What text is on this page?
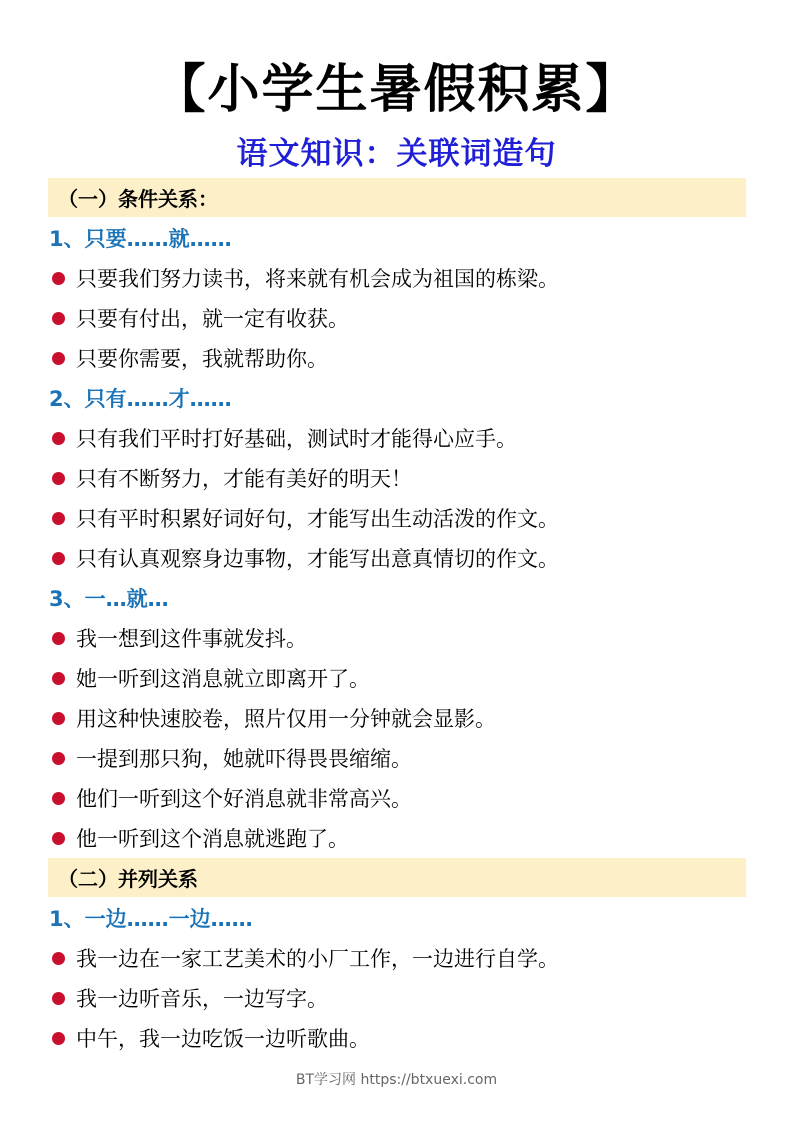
【小学生暑假积累】
语文知识：关联词造句
（一）条件关系：
1、只要……就……
只要我们努力读书，将来就有机会成为祖国的栋梁。
只要有付出，就一定有收获。
只要你需要，我就帮助你。
2、只有……才……
只有我们平时打好基础，测试时才能得心应手。
只有不断努力，才能有美好的明天！
只有平时积累好词好句，才能写出生动活泼的作文。
只有认真观察身边事物，才能写出意真情切的作文。
3、一…就…
我一想到这件事就发抖。
她一听到这消息就立即离开了。
用这种快速胶卷，照片仅用一分钟就会显影。
一提到那只狗，她就吓得畏畏缩缩。
他们一听到这个好消息就非常高兴。
他一听到这个消息就逃跑了。
（二）并列关系
1、一边……一边……
我一边在一家工艺美术的小厂工作，一边进行自学。
我一边听音乐，一边写字。
中午，我一边吃饭一边听歌曲。
BT学习网 https://btxuexi.com
